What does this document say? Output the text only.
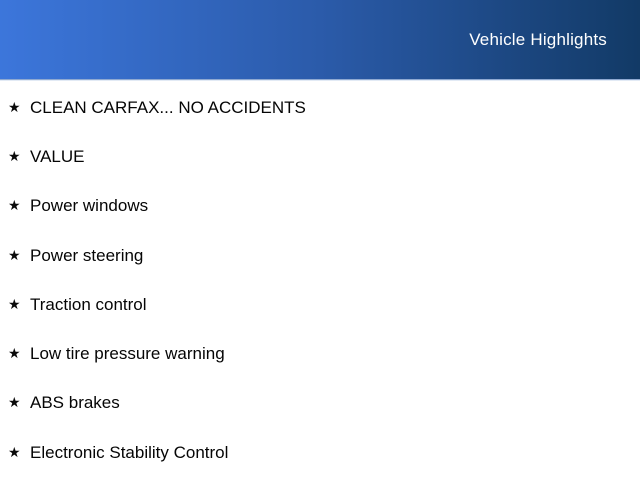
Vehicle Highlights
★ CLEAN CARFAX... NO ACCIDENTS
★ VALUE
★ Power windows
★ Power steering
★ Traction control
★ Low tire pressure warning
★ ABS brakes
★ Electronic Stability Control
